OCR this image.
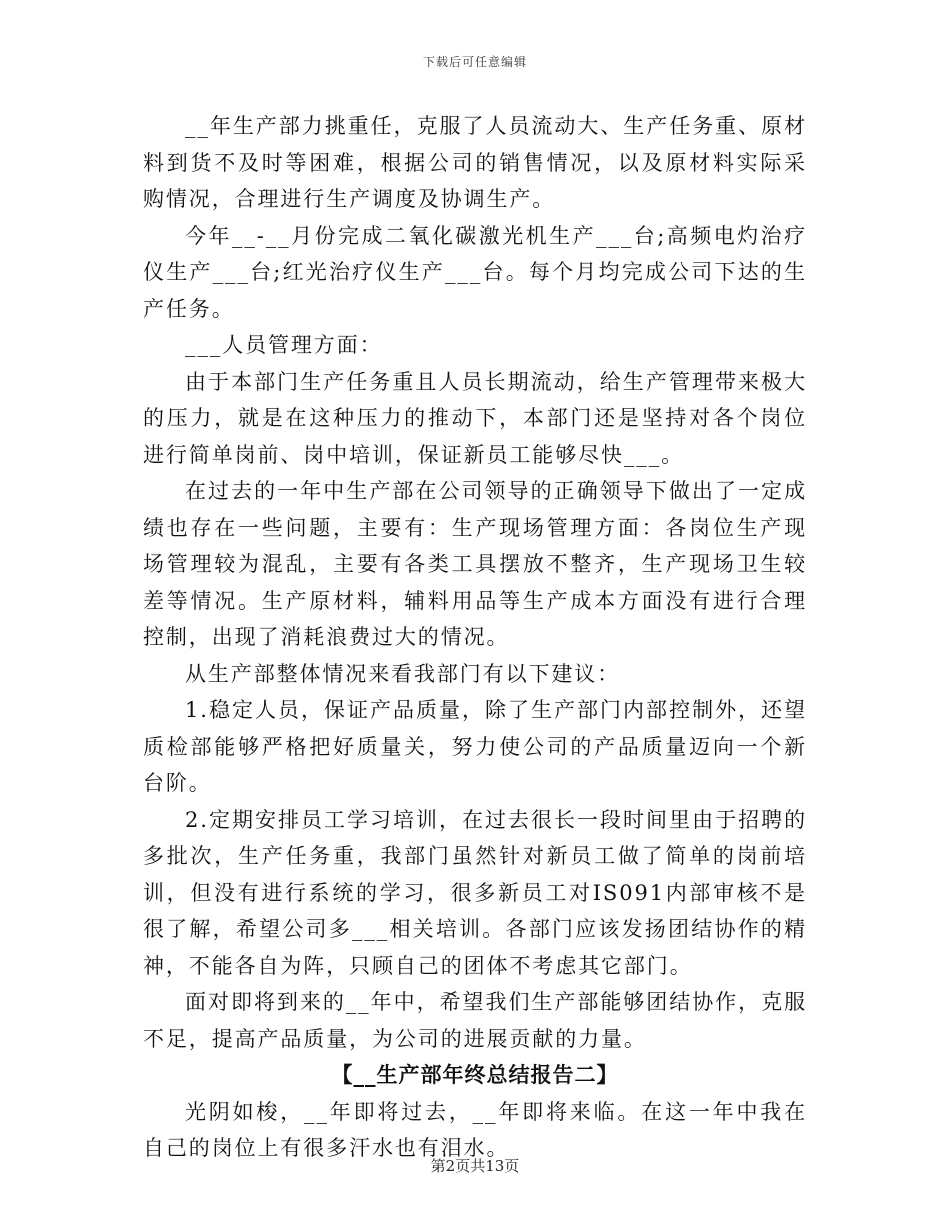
下载后可任意编辑

__年生产部力挑重任，克服了人员流动大、生产任务重、原材料到货不及时等困难，根据公司的销售情况，以及原材料实际采购情况，合理进行生产调度及协调生产。

今年__-__月份完成二氧化碳激光机生产___台;高频电灼治疗仪生产___台;红光治疗仪生产___台。每个月均完成公司下达的生产任务。

___人员管理方面：

由于本部门生产任务重且人员长期流动，给生产管理带来极大的压力，就是在这种压力的推动下，本部门还是坚持对各个岗位进行简单岗前、岗中培训，保证新员工能够尽快___。

在过去的一年中生产部在公司领导的正确领导下做出了一定成绩也存在一些问题，主要有：生产现场管理方面：各岗位生产现场管理较为混乱，主要有各类工具摆放不整齐，生产现场卫生较差等情况。生产原材料，辅料用品等生产成本方面没有进行合理控制，出现了消耗浪费过大的情况。

从生产部整体情况来看我部门有以下建议：

1.稳定人员，保证产品质量，除了生产部门内部控制外，还望质检部能够严格把好质量关，努力使公司的产品质量迈向一个新台阶。

2.定期安排员工学习培训，在过去很长一段时间里由于招聘的多批次，生产任务重，我部门虽然针对新员工做了简单的岗前培训，但没有进行系统的学习，很多新员工对IS091内部审核不是很了解，希望公司多___相关培训。各部门应该发扬团结协作的精神，不能各自为阵，只顾自己的团体不考虑其它部门。

面对即将到来的__年中，希望我们生产部能够团结协作，克服不足，提高产品质量，为公司的进展贡献的力量。

【__生产部年终总结报告二】

光阴如梭，__年即将过去，__年即将来临。在这一年中我在自己的岗位上有很多汗水也有泪水。

第2页共13页
